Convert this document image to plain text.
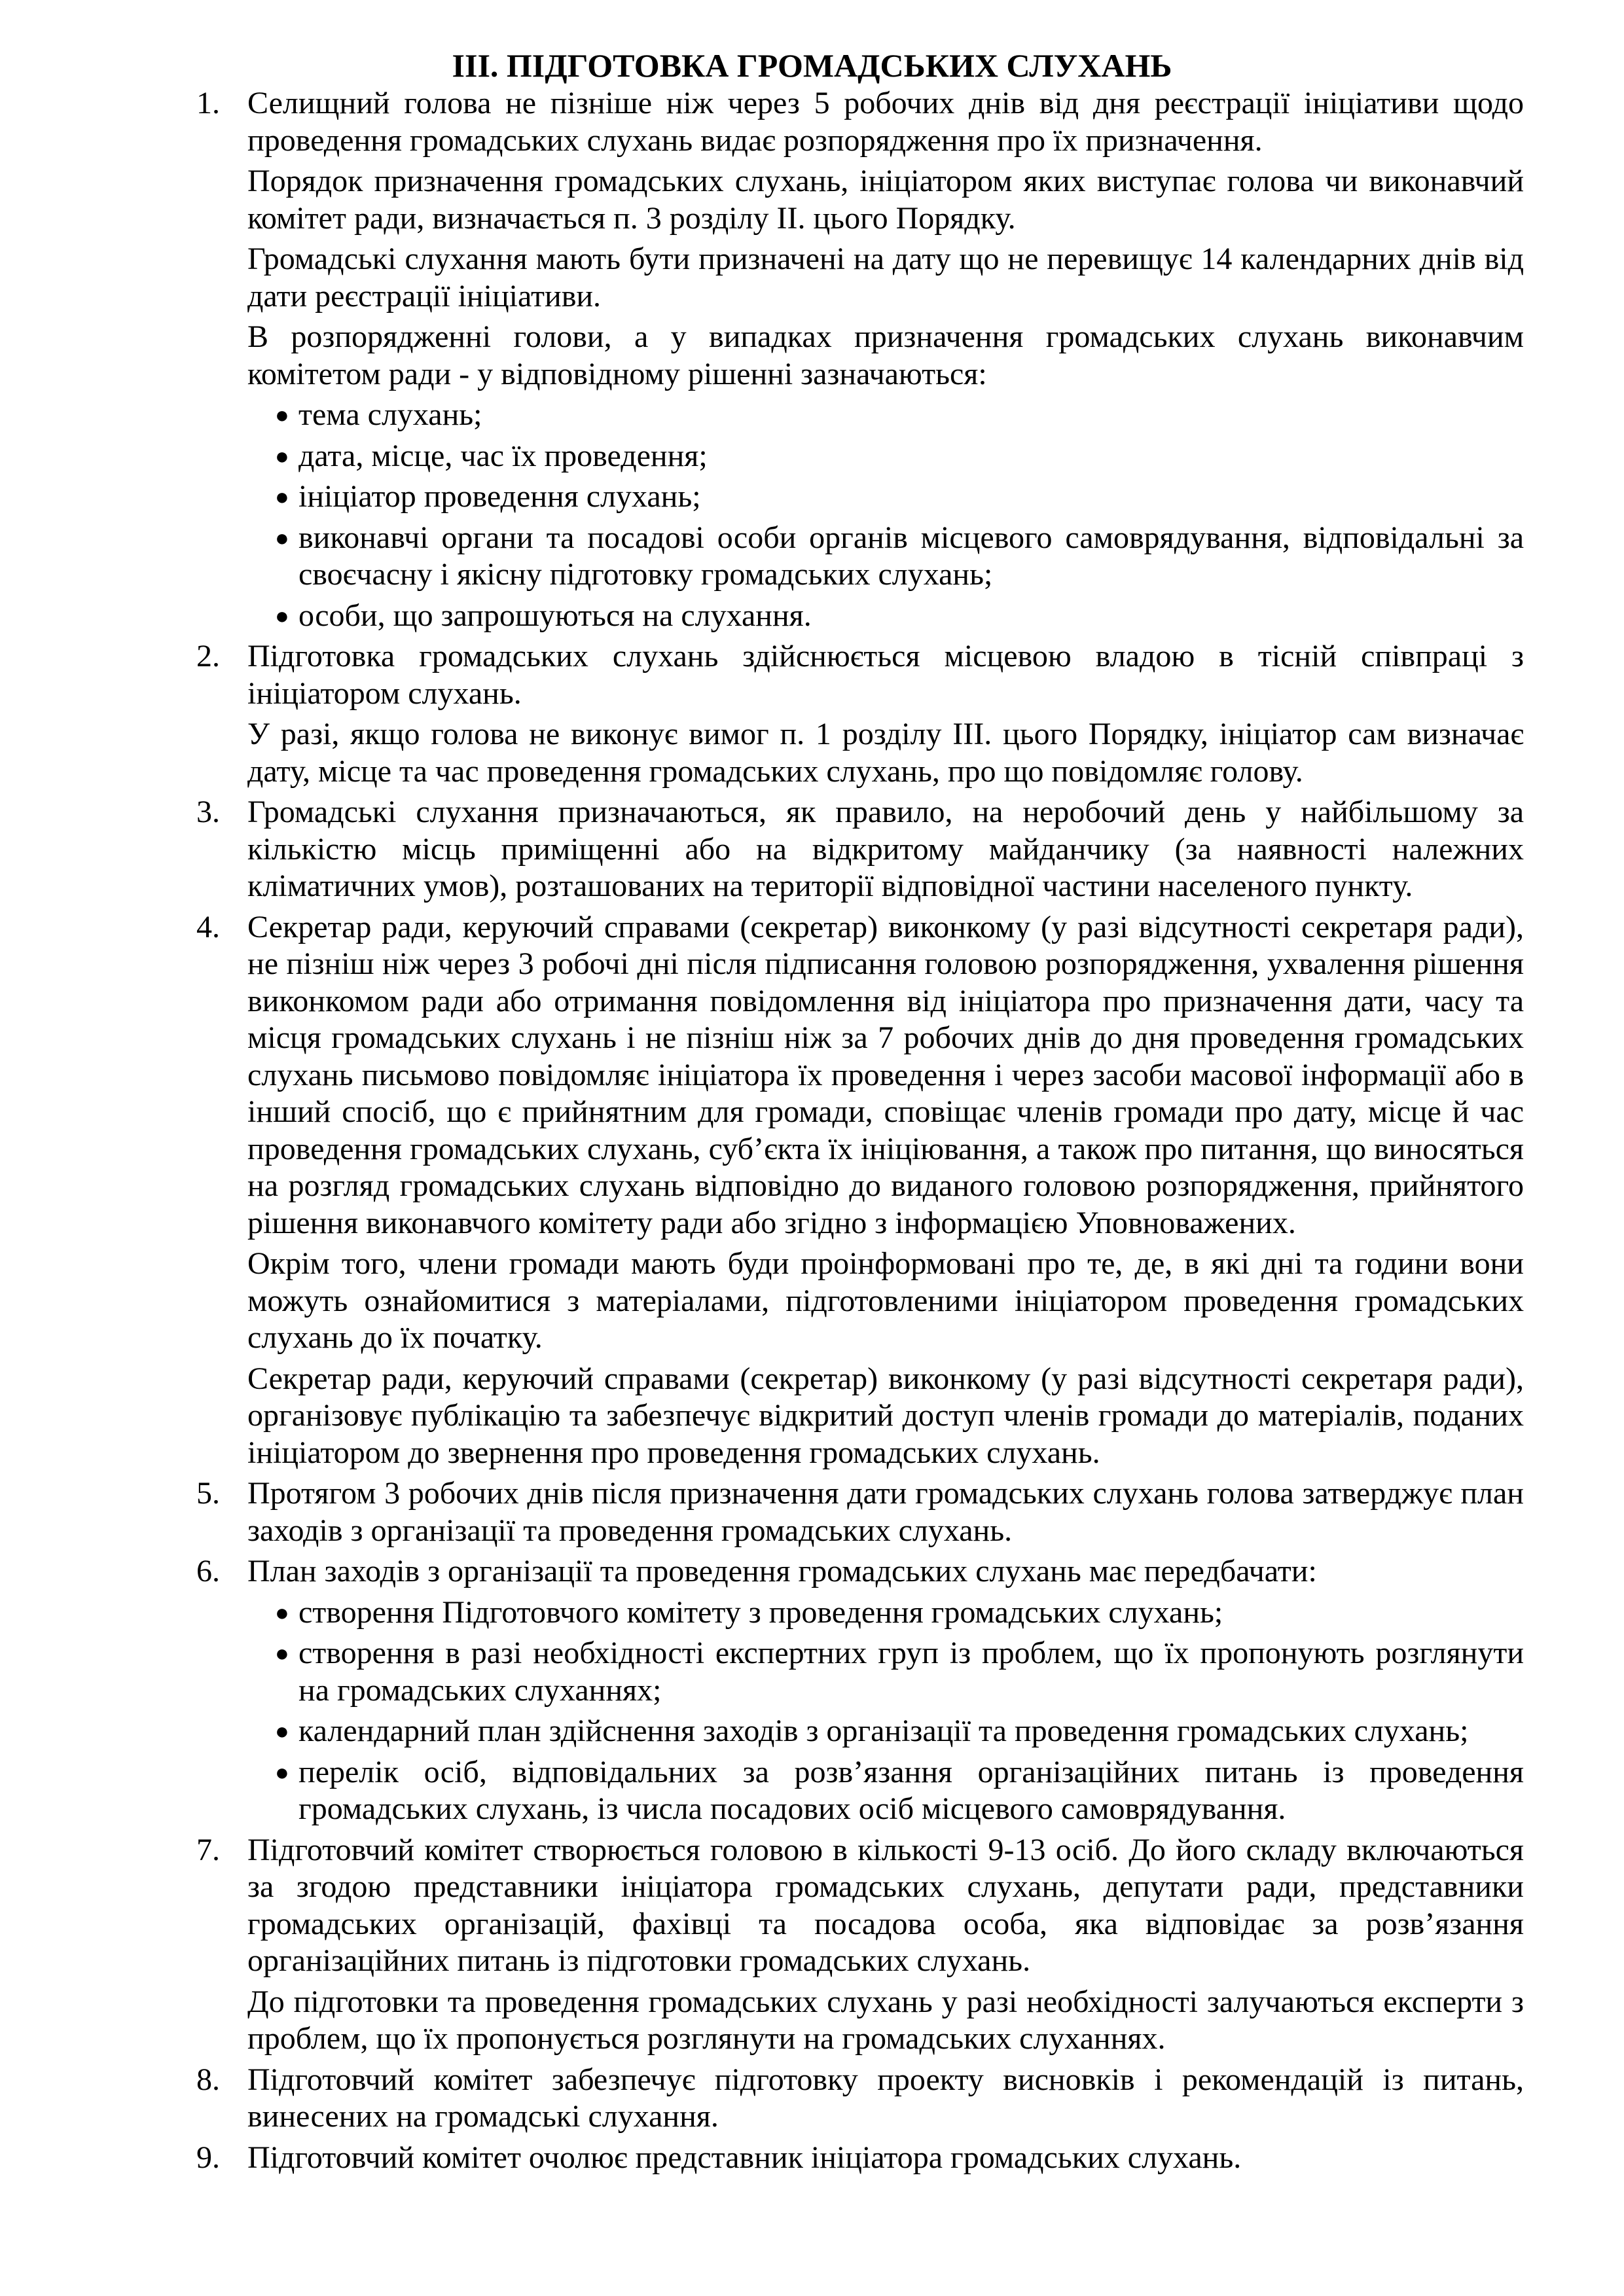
ІІІ. ПІДГОТОВКА ГРОМАДСЬКИХ СЛУХАНЬ
1. Селищний голова не пізніше ніж через 5 робочих днів від дня реєстрації ініціативи щодо проведення громадських слухань видає розпорядження про їх призначення.

Порядок призначення громадських слухань, ініціатором яких виступає голова чи виконавчий комітет ради, визначається п. 3 розділу ІІ. цього Порядку.

Громадські слухання мають бути призначені на дату що не перевищує 14 календарних днів від дати реєстрації ініціативи.

В розпорядженні голови, а у випадках призначення громадських слухань виконавчим комітетом ради - у відповідному рішенні зазначаються:

● тема слухань;
● дата, місце, час їх проведення;
● ініціатор проведення слухань;
● виконавчі органи та посадові особи органів місцевого самоврядування, відповідальні за своєчасну і якісну підготовку громадських слухань;
● особи, що запрошуються на слухання.
2. Підготовка громадських слухань здійснюється місцевою владою в тісній співпраці з ініціатором слухань.

У разі, якщо голова не виконує вимог п. 1 розділу ІІІ. цього Порядку, ініціатор сам визначає дату, місце та час проведення громадських слухань, про що повідомляє голову.

3. Громадські слухання призначаються, як правило, на неробочий день у найбільшому за кількістю місць приміщенні або на відкритому майданчику (за наявності належних кліматичних умов), розташованих на території відповідної частини населеного пункту.

4. Секретар ради, керуючий справами (секретар) виконкому (у разі відсутності секретаря ради), не пізніш ніж через 3 робочі дні після підписання головою розпорядження, ухвалення рішення виконкомом ради або отримання повідомлення від ініціатора про призначення дати, часу та місця громадських слухань і не пізніш ніж за 7 робочих днів до дня проведення громадських слухань письмово повідомляє ініціатора їх проведення і через засоби масової інформації або в інший спосіб, що є прийнятним для громади, сповіщає членів громади про дату, місце й час проведення громадських слухань, суб’єкта їх ініціювання, а також про питання, що виносяться на розгляд громадських слухань відповідно до виданого головою розпорядження, прийнятого рішення виконавчого комітету ради або згідно з інформацією Уповноважених.

Окрім того, члени громади мають буди проінформовані про те, де, в які дні та години вони можуть ознайомитися з матеріалами, підготовленими ініціатором проведення громадських слухань до їх початку.

Секретар ради, керуючий справами (секретар) виконкому (у разі відсутності секретаря ради), організовує публікацію та забезпечує відкритий доступ членів громади до матеріалів, поданих ініціатором до звернення про проведення громадських слухань.

5. Протягом 3 робочих днів після призначення дати громадських слухань голова затверджує план заходів з організації та проведення громадських слухань.

6. План заходів з організації та проведення громадських слухань має передбачати:

● створення Підготовчого комітету з проведення громадських слухань;
● створення в разі необхідності експертних груп із проблем, що їх пропонують розглянути на громадських слуханнях;
● календарний план здійснення заходів з організації та проведення громадських слухань;
● перелік осіб, відповідальних за розв’язання організаційних питань із проведення громадських слухань, із числа посадових осіб місцевого самоврядування.
7. Підготовчий комітет створюється головою в кількості 9-13 осіб. До його складу включаються за згодою представники ініціатора громадських слухань, депутати ради, представники громадських організацій, фахівці та посадова особа, яка відповідає за розв’язання організаційних питань із підготовки громадських слухань.

До підготовки та проведення громадських слухань у разі необхідності залучаються експерти з проблем, що їх пропонується розглянути на громадських слуханнях.

8. Підготовчий комітет забезпечує підготовку проекту висновків і рекомендацій із питань, винесених на громадські слухання.

9. Підготовчий комітет очолює представник ініціатора громадських слухань.
